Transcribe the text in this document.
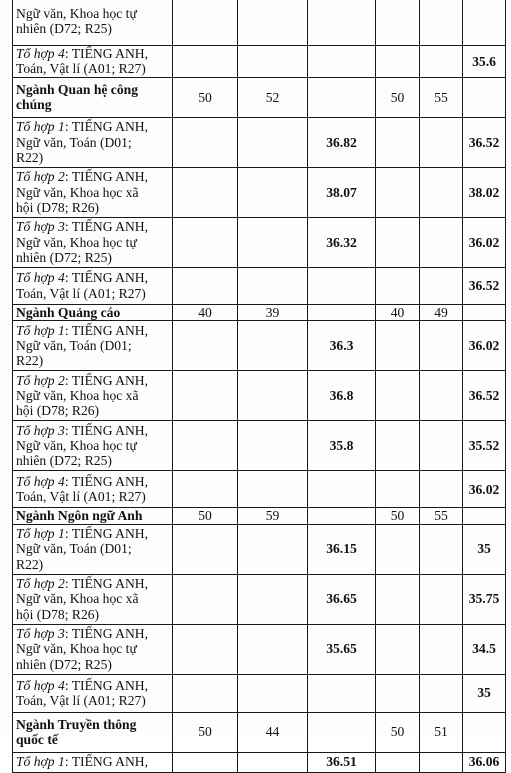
Ngữ văn, Khoa học tự
nhiên (D72; R25)						

Tổ hợp 4: TIẾNG ANH,
Toán, Vật lí (A01; R27)						35.6

Ngành Quan hệ công
chúng	50	52		50	55	

Tổ hợp 1: TIẾNG ANH,
Ngữ văn, Toán (D01;
R22)			36.82			36.52

Tổ hợp 2: TIẾNG ANH,
Ngữ văn, Khoa học xã
hội (D78; R26)			38.07			38.02

Tổ hợp 3: TIẾNG ANH,
Ngữ văn, Khoa học tự
nhiên (D72; R25)			36.32			36.02

Tổ hợp 4: TIẾNG ANH,
Toán, Vật lí (A01; R27)						36.52

Ngành Quảng cáo	40	39		40	49	

Tổ hợp 1: TIẾNG ANH,
Ngữ văn, Toán (D01;
R22)			36.3			36.02

Tổ hợp 2: TIẾNG ANH,
Ngữ văn, Khoa học xã
hội (D78; R26)			36.8			36.52

Tổ hợp 3: TIẾNG ANH,
Ngữ văn, Khoa học tự
nhiên (D72; R25)			35.8			35.52

Tổ hợp 4: TIẾNG ANH,
Toán, Vật lí (A01; R27)						36.02

Ngành Ngôn ngữ Anh	50	59		50	55	

Tổ hợp 1: TIẾNG ANH,
Ngữ văn, Toán (D01;
R22)			36.15			35

Tổ hợp 2: TIẾNG ANH,
Ngữ văn, Khoa học xã
hội (D78; R26)			36.65			35.75

Tổ hợp 3: TIẾNG ANH,
Ngữ văn, Khoa học tự
nhiên (D72; R25)			35.65			34.5

Tổ hợp 4: TIẾNG ANH,
Toán, Vật lí (A01; R27)						35

Ngành Truyền thông
quốc tế	50	44		50	51	

Tổ hợp 1: TIẾNG ANH,			36.51			36.06
